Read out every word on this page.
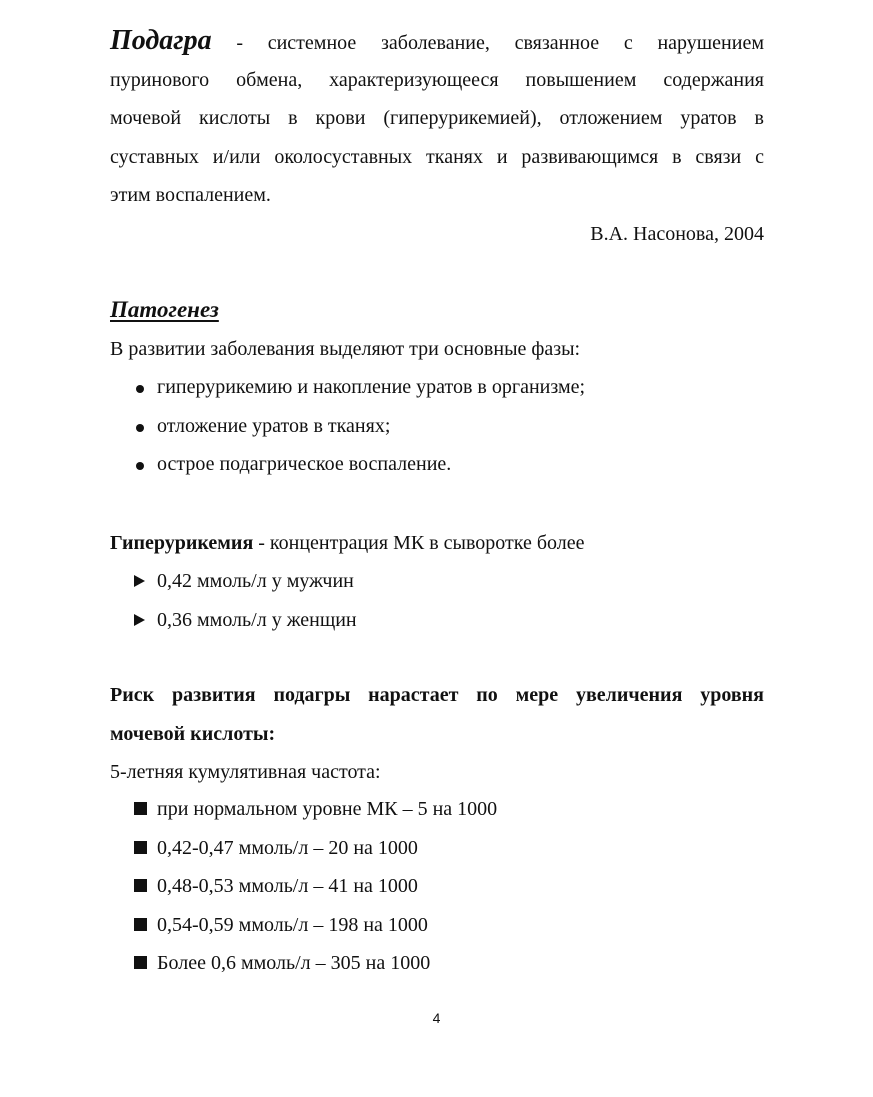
Подагра - системное заболевание, связанное с нарушением
пуринового обмена, характеризующееся повышением содержания
мочевой кислоты в крови (гиперурикемией), отложением уратов в
суставных и/или околосуставных тканях и развивающимся в связи с
этим воспалением.
В.А. Насонова, 2004
Патогенез
В развитии заболевания выделяют три основные фазы:
гиперурикемию и накопление уратов в организме;
отложение уратов в тканях;
острое подагрическое воспаление.
Гиперурикемия - концентрация МК в сыворотке более
0,42 ммоль/л у мужчин
0,36 ммоль/л у женщин
Риск развития подагры нарастает по мере увеличения уровня
мочевой кислоты:
5-летняя кумулятивная частота:
при нормальном уровне МК – 5 на 1000
0,42-0,47 ммоль/л – 20 на 1000
0,48-0,53 ммоль/л – 41 на 1000
0,54-0,59 ммоль/л – 198 на 1000
Более 0,6 ммоль/л – 305 на 1000
4
